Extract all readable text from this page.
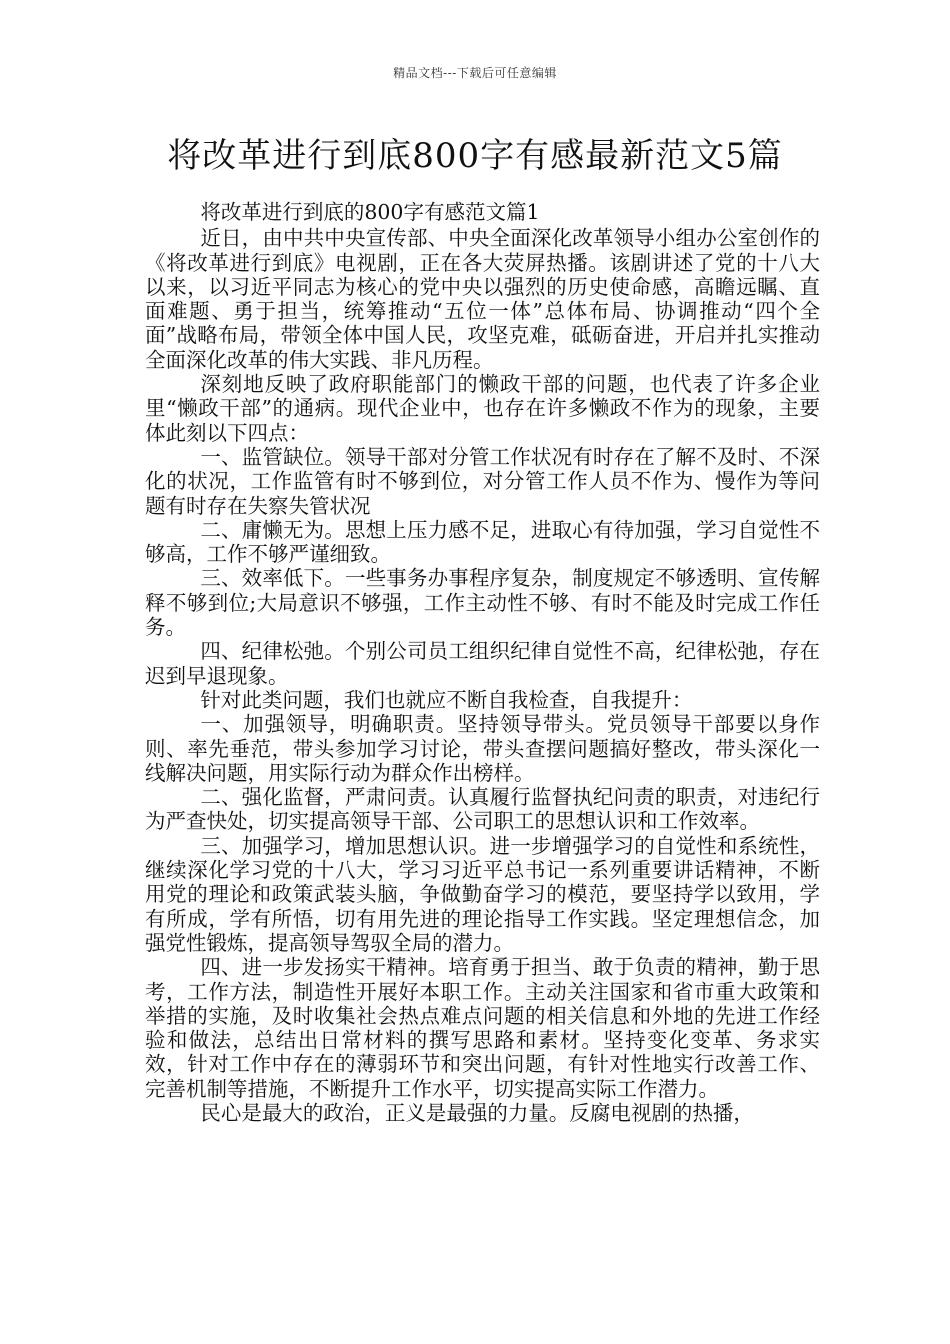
精品文档---下载后可任意编辑
将改革进行到底800字有感最新范文5篇

将改革进行到底的800字有感范文篇1

近日，由中共中央宣传部、中央全面深化改革领导小组办公室创作的《将改革进行到底》电视剧，正在各大荧屏热播。该剧讲述了党的十八大以来，以习近平同志为核心的党中央以强烈的历史使命感，高瞻远瞩、直面难题、勇于担当，统筹推动“五位一体”总体布局、协调推动“四个全面”战略布局，带领全体中国人民，攻坚克难，砥砺奋进，开启并扎实推动全面深化改革的伟大实践、非凡历程。

深刻地反映了政府职能部门的懒政干部的问题，也代表了许多企业里“懒政干部”的通病。现代企业中，也存在许多懒政不作为的现象，主要体此刻以下四点：

一、监管缺位。领导干部对分管工作状况有时存在了解不及时、不深化的状况，工作监管有时不够到位，对分管工作人员不作为、慢作为等问题有时存在失察失管状况

二、庸懒无为。思想上压力感不足，进取心有待加强，学习自觉性不够高，工作不够严谨细致。

三、效率低下。一些事务办事程序复杂，制度规定不够透明、宣传解释不够到位;大局意识不够强，工作主动性不够、有时不能及时完成工作任务。

四、纪律松弛。个别公司员工组织纪律自觉性不高，纪律松弛，存在迟到早退现象。

针对此类问题，我们也就应不断自我检查，自我提升：

一、加强领导，明确职责。坚持领导带头。党员领导干部要以身作则、率先垂范，带头参加学习讨论，带头查摆问题搞好整改，带头深化一线解决问题，用实际行动为群众作出榜样。

二、强化监督，严肃问责。认真履行监督执纪问责的职责，对违纪行为严查快处，切实提高领导干部、公司职工的思想认识和工作效率。

三、加强学习，增加思想认识。进一步增强学习的自觉性和系统性，继续深化学习党的十八大，学习习近平总书记一系列重要讲话精神，不断用党的理论和政策武装头脑，争做勤奋学习的模范，要坚持学以致用，学有所成，学有所悟，切有用先进的理论指导工作实践。坚定理想信念，加强党性锻炼，提高领导驾驭全局的潜力。

四、进一步发扬实干精神。培育勇于担当、敢于负责的精神，勤于思考，工作方法，制造性开展好本职工作。主动关注国家和省市重大政策和举措的实施，及时收集社会热点难点问题的相关信息和外地的先进工作经验和做法，总结出日常材料的撰写思路和素材。坚持变化变革、务求实效，针对工作中存在的薄弱环节和突出问题，有针对性地实行改善工作、完善机制等措施，不断提升工作水平，切实提高实际工作潜力。

民心是最大的政治，正义是最强的力量。反腐电视剧的热播，
